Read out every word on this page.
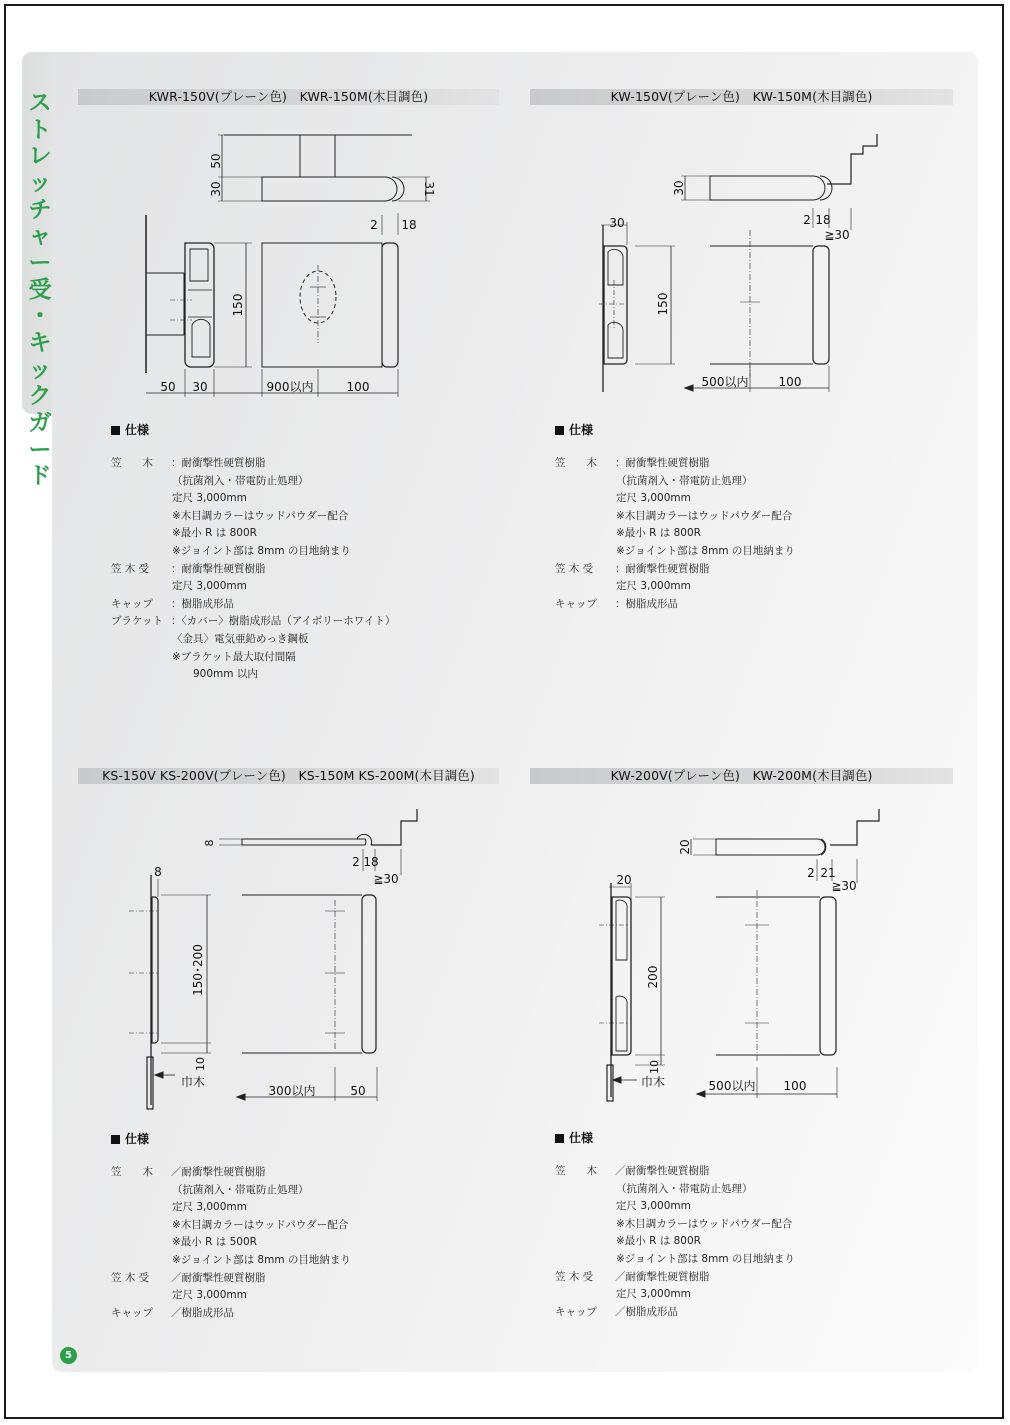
ス
ト
レ
ッ
チ
ャ
ー
受
・
キ
ッ
ク
ガ
ー
ド
KWR-150V(プレーン色)　KWR-150M(木目調色)	KW-150V(プレーン色)　KW-150M(木目調色)
KS-150V KS-200V(プレーン色)　KS-150M KS-200M(木目調色)	KW-200V(プレーン色)　KW-200M(木目調色)
50
30	31
2 18
150
50 30	900以内	100
30
2 18
≧30
30
150
500以内	100
8
2 18
≧30
8
150･200
10
巾木
300以内	50
20
2 21
≧30
20
200
10
巾木	500以内 100
仕様
笠　　木	：耐衝撃性硬質樹脂
（抗菌剤入・帯電防止処理）
定尺 3,000mm
※木目調カラーはウッドパウダー配合
※最小 R は 800R
※ジョイント部は 8mm の目地納まり
笠 木 受	：耐衝撃性硬質樹脂
定尺 3,000mm
キャップ	：樹脂成形品
ブラケット ：〈カバー〉樹脂成形品（アイボリーホワイト）
〈金具〉電気亜鉛めっき鋼板
※ブラケット最大取付間隔
　　900mm 以内
仕様
笠　　木	：耐衝撃性硬質樹脂
（抗菌剤入・帯電防止処理）
定尺 3,000mm
※木目調カラーはウッドパウダー配合
※最小 R は 800R
※ジョイント部は 8mm の目地納まり
笠 木 受	：耐衝撃性硬質樹脂
定尺 3,000mm
キャップ	：樹脂成形品
仕様
笠　　木	／耐衝撃性硬質樹脂
（抗菌剤入・帯電防止処理）
定尺 3,000mm
※木目調カラーはウッドパウダー配合
※最小 R は 500R
※ジョイント部は 8mm の目地納まり
笠 木 受	／耐衝撃性硬質樹脂
定尺 3,000mm
キャップ	／樹脂成形品
仕様
笠　　木	／耐衝撃性硬質樹脂
（抗菌剤入・帯電防止処理）
定尺 3,000mm
※木目調カラーはウッドパウダー配合
※最小 R は 800R
※ジョイント部は 8mm の目地納まり
笠 木 受	／耐衝撃性硬質樹脂
定尺 3,000mm
キャップ	／樹脂成形品
5
